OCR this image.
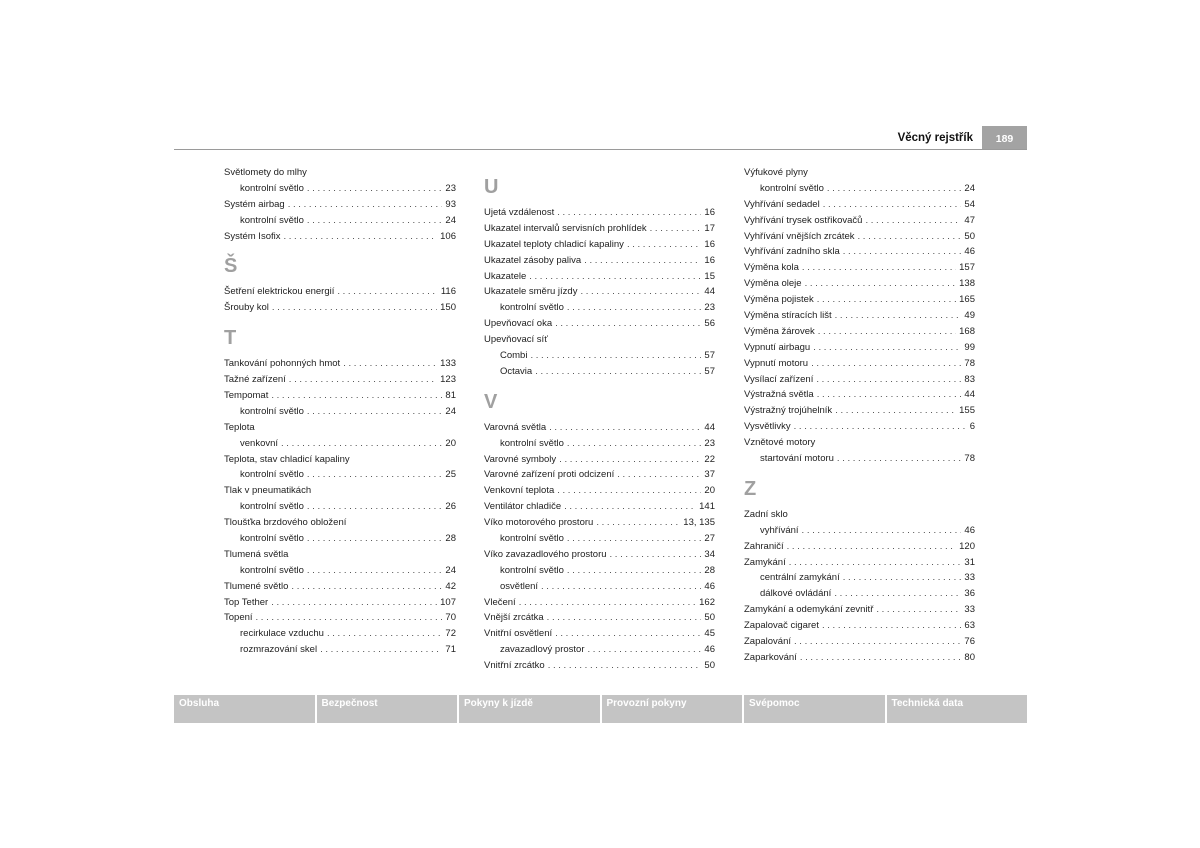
Věcný rejstřík	189
Světlomety do mlhy
kontrolní světlo . . .	23
Systém airbag . . .	93
kontrolní světlo . . .	24
Systém Isofix . . .	106
Š
Šetření elektrickou energií . . .	116
Šrouby kol . . .	150
T
Tankování pohonných hmot . . .	133
Tažné zařízení . . .	123
Tempomat . . .	81
kontrolní světlo . . .	24
Teplota
venkovní . . .	20
Teplota, stav chladicí kapaliny
kontrolní světlo . . .	25
Tlak v pneumatikách
kontrolní světlo . . .	26
Tloušťka brzdového obložení
kontrolní světlo . . .	28
Tlumená světla
kontrolní světlo . . .	24
Tlumené světlo . . .	42
Top Tether . . .	107
Topení . . .	70
recirkulace vzduchu . . .	72
rozmrazování skel . . .	71
U
Ujetá vzdálenost . . .	16
Ukazatel intervalů servisních prohlídek . . .	17
Ukazatel teploty chladicí kapaliny . . .	16
Ukazatel zásoby paliva . . .	16
Ukazatele . . .	15
Ukazatele směru jízdy . . .	44
kontrolní světlo . . .	23
Upevňovací oka . . .	56
Upevňovací síť
Combi . . .	57
Octavia . . .	57
V
Varovná světla . . .	44
kontrolní světlo . . .	23
Varovné symboly . . .	22
Varovné zařízení proti odcizení . . .	37
Venkovní teplota . . .	20
Ventilátor chladiče . . .	141
Víko motorového prostoru . . .	13, 135
kontrolní světlo . . .	27
Víko zavazadlového prostoru . . .	34
kontrolní světlo . . .	28
osvětlení . . .	46
Vlečení . . .	162
Vnější zrcátka . . .	50
Vnitřní osvětlení . . .	45
zavazadlový prostor . . .	46
Vnitřní zrcátko . . .	50
Výfukové plyny
kontrolní světlo . . .	24
Vyhřívání sedadel . . .	54
Vyhřívání trysek ostřikovačů . . .	47
Vyhřívání vnějších zrcátek . . .	50
Vyhřívání zadního skla . . .	46
Výměna kola . . .	157
Výměna oleje . . .	138
Výměna pojistek . . .	165
Výměna stíracích lišt . . .	49
Výměna žárovek . . .	168
Vypnutí airbagu . . .	99
Vypnutí motoru . . .	78
Vysílací zařízení . . .	83
Výstražná světla . . .	44
Výstražný trojúhelník . . .	155
Vysvětlivky . . .	6
Vznětové motory
startování motoru . . .	78
Z
Zadní sklo
vyhřívání . . .	46
Zahraničí . . .	120
Zamykání . . .	31
centrální zamykání . . .	33
dálkové ovládání . . .	36
Zamykání a odemykání zevnitř . . .	33
Zapalovač cigaret . . .	63
Zapalování . . .	76
Zaparkování . . .	80
Obsluha	Bezpečnost	Pokyny k jízdě	Provozní pokyny	Svépomoc	Technická data
